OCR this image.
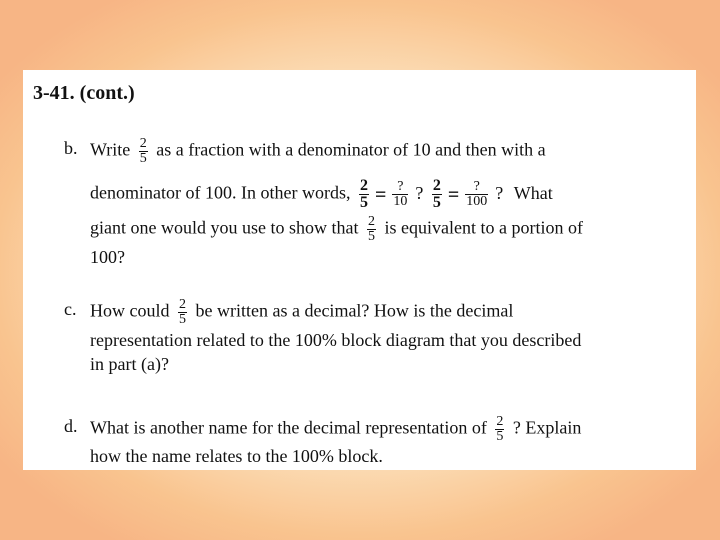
3-41. (cont.)
b. Write $\frac{2}{5}$ as a fraction with a denominator of 10 and then with a
denominator of 100. In other words, $\frac{2}{5} = \frac{?}{10}$ ? $\frac{2}{5} = \frac{?}{100}$ ? What
giant one would you use to show that $\frac{2}{5}$ is equivalent to a portion of
100?
c. How could $\frac{2}{5}$ be written as a decimal? How is the decimal
representation related to the 100% block diagram that you described
in part (a)?
d. What is another name for the decimal representation of $\frac{2}{5}$ ? Explain
how the name relates to the 100% block.
